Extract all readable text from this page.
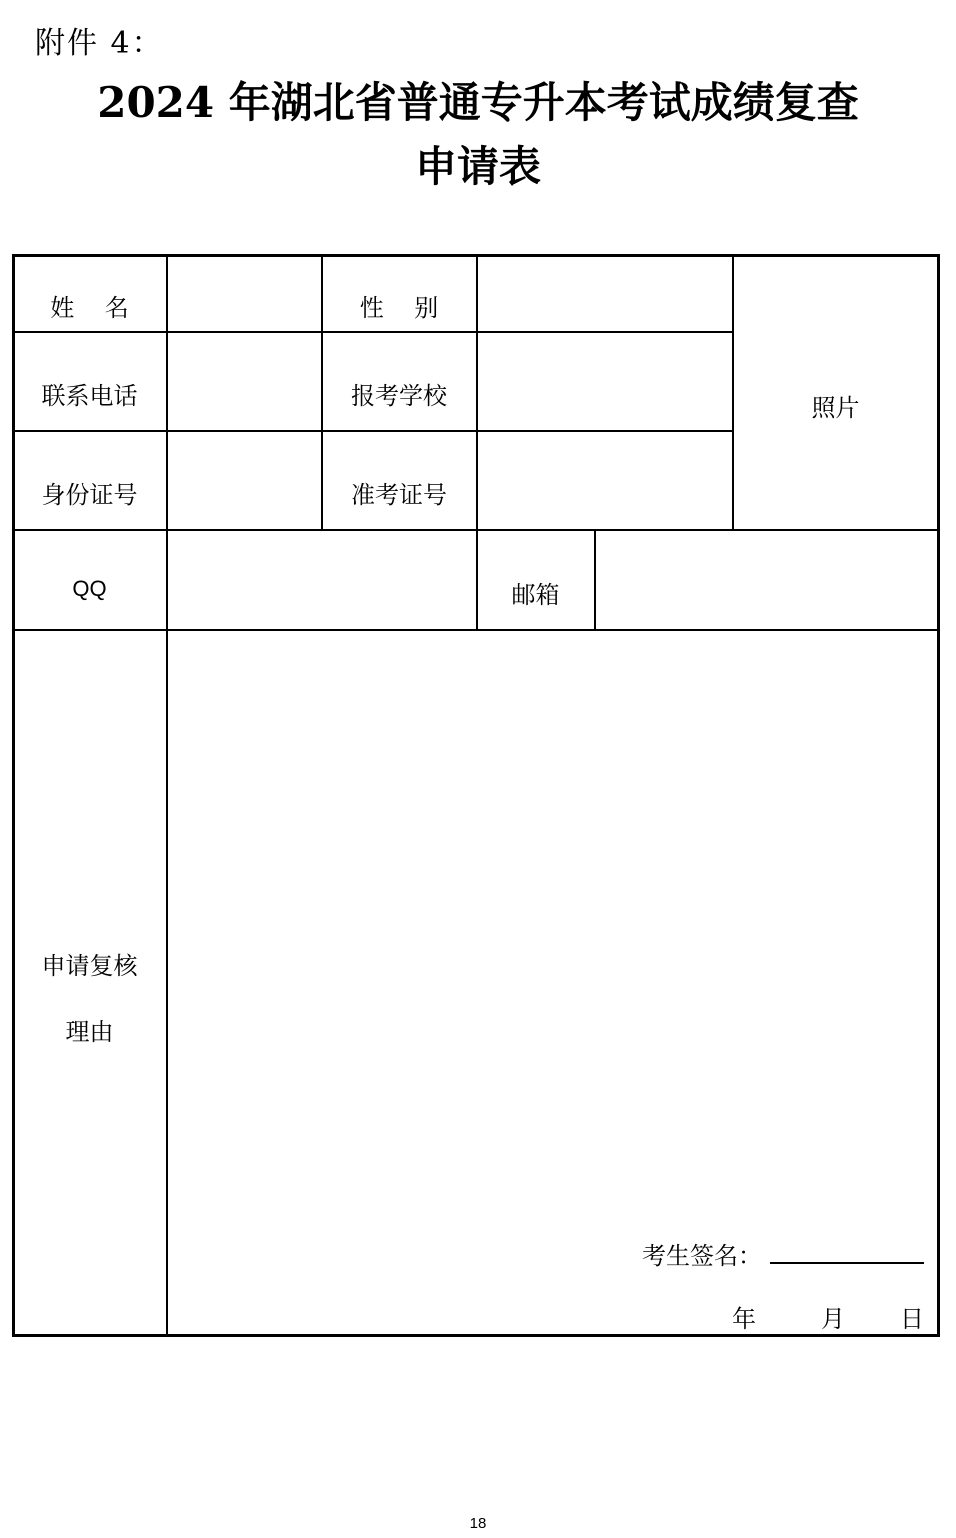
附件 4：
2024 年湖北省普通专升本考试成绩复查
申请表
姓    名	性    别
联系电话	报考学校
身份证号	准考证号
照片
QQ	邮箱
申请复核
理由
考生签名：
年	月 日
18
